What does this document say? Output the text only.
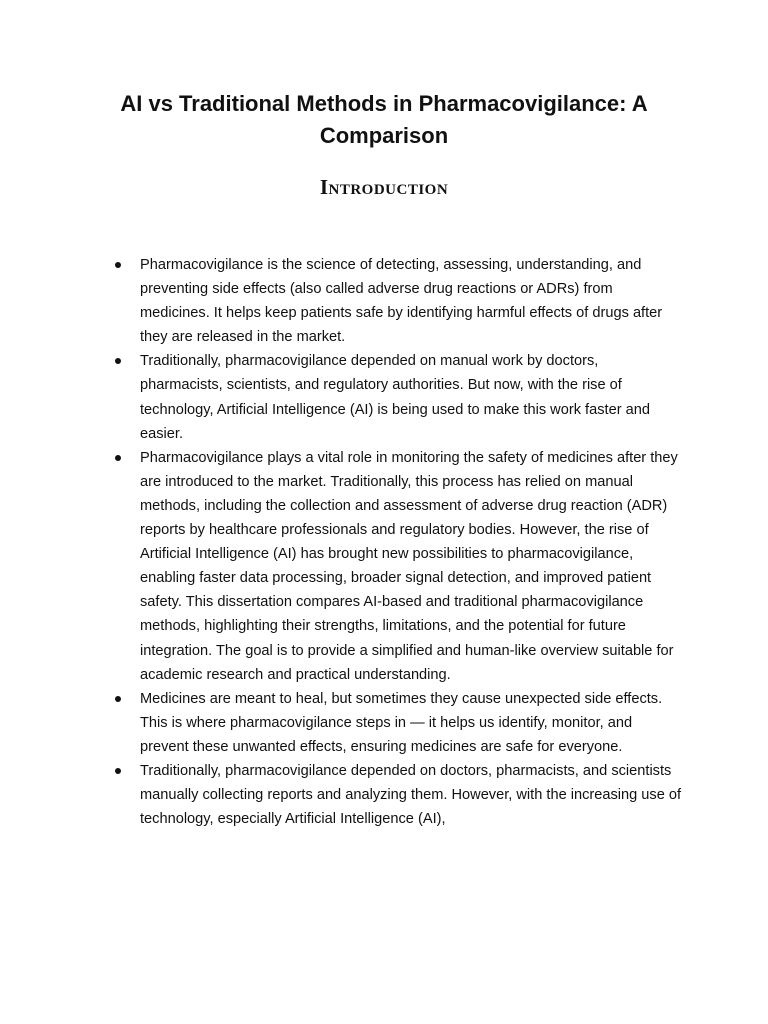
AI vs Traditional Methods in Pharmacovigilance: A Comparison
Introduction
Pharmacovigilance is the science of detecting, assessing, understanding, and preventing side effects (also called adverse drug reactions or ADRs) from medicines. It helps keep patients safe by identifying harmful effects of drugs after they are released in the market.
Traditionally, pharmacovigilance depended on manual work by doctors, pharmacists, scientists, and regulatory authorities. But now, with the rise of technology, Artificial Intelligence (AI) is being used to make this work faster and easier.
Pharmacovigilance plays a vital role in monitoring the safety of medicines after they are introduced to the market. Traditionally, this process has relied on manual methods, including the collection and assessment of adverse drug reaction (ADR) reports by healthcare professionals and regulatory bodies. However, the rise of Artificial Intelligence (AI) has brought new possibilities to pharmacovigilance, enabling faster data processing, broader signal detection, and improved patient safety. This dissertation compares AI-based and traditional pharmacovigilance methods, highlighting their strengths, limitations, and the potential for future integration. The goal is to provide a simplified and human-like overview suitable for academic research and practical understanding.
Medicines are meant to heal, but sometimes they cause unexpected side effects. This is where pharmacovigilance steps in — it helps us identify, monitor, and prevent these unwanted effects, ensuring medicines are safe for everyone.
Traditionally, pharmacovigilance depended on doctors, pharmacists, and scientists manually collecting reports and analyzing them. However, with the increasing use of technology, especially Artificial Intelligence (AI),
